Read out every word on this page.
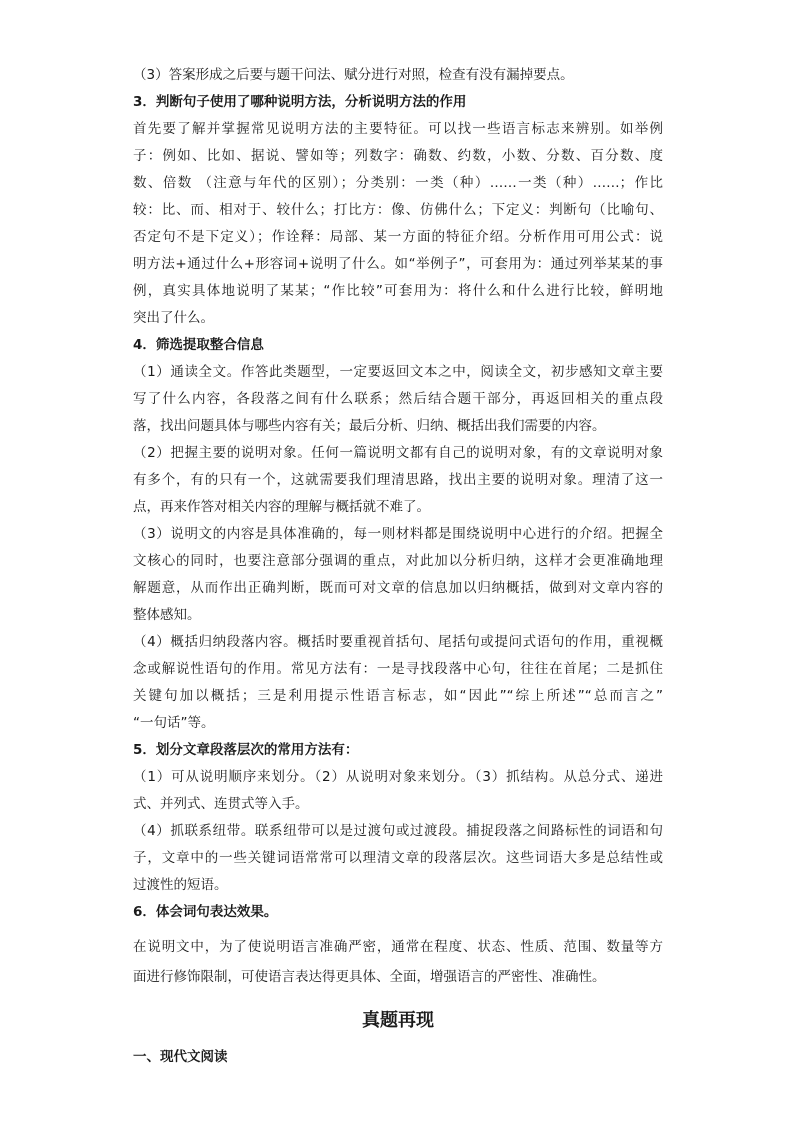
（3）答案形成之后要与题干问法、赋分进行对照，检查有没有漏掉要点。
3．判断句子使用了哪种说明方法，分析说明方法的作用
首先要了解并掌握常见说明方法的主要特征。可以找一些语言标志来辨别。如举例
子：例如、比如、据说、譬如等；列数字：确数、约数，小数、分数、百分数、度
数、倍数 （注意与年代的区别）；分类别：一类（种）……一类（种）……；作比
较：比、而、相对于、较什么；打比方：像、仿佛什么；下定义：判断句（比喻句、
否定句不是下定义）；作诠释：局部、某一方面的特征介绍。分析作用可用公式：说
明方法+通过什么+形容词+说明了什么。如“举例子”，可套用为：通过列举某某的事
例，真实具体地说明了某某；“作比较”可套用为：将什么和什么进行比较，鲜明地
突出了什么。
4．筛选提取整合信息
（1）通读全文。作答此类题型，一定要返回文本之中，阅读全文，初步感知文章主要
写了什么内容，各段落之间有什么联系；然后结合题干部分，再返回相关的重点段
落，找出问题具体与哪些内容有关；最后分析、归纳、概括出我们需要的内容。
（2）把握主要的说明对象。任何一篇说明文都有自己的说明对象，有的文章说明对象
有多个，有的只有一个，这就需要我们理清思路，找出主要的说明对象。理清了这一
点，再来作答对相关内容的理解与概括就不难了。
（3）说明文的内容是具体准确的，每一则材料都是围绕说明中心进行的介绍。把握全
文核心的同时，也要注意部分强调的重点，对此加以分析归纳，这样才会更准确地理
解题意，从而作出正确判断，既而可对文章的信息加以归纳概括，做到对文章内容的
整体感知。
（4）概括归纳段落内容。概括时要重视首括句、尾括句或提问式语句的作用，重视概
念或解说性语句的作用。常见方法有：一是寻找段落中心句，往往在首尾；二是抓住
关键句加以概括；三是利用提示性语言标志，如“因此”“综上所述”“总而言之”
“一句话”等。
5．划分文章段落层次的常用方法有：
（1）可从说明顺序来划分。（2）从说明对象来划分。（3）抓结构。从总分式、递进
式、并列式、连贯式等入手。
（4）抓联系纽带。联系纽带可以是过渡句或过渡段。捕捉段落之间路标性的词语和句
子，文章中的一些关键词语常常可以理清文章的段落层次。这些词语大多是总结性或
过渡性的短语。
6．体会词句表达效果。
在说明文中，为了使说明语言准确严密，通常在程度、状态、性质、范围、数量等方
面进行修饰限制，可使语言表达得更具体、全面，增强语言的严密性、准确性。
真题再现
一、现代文阅读
